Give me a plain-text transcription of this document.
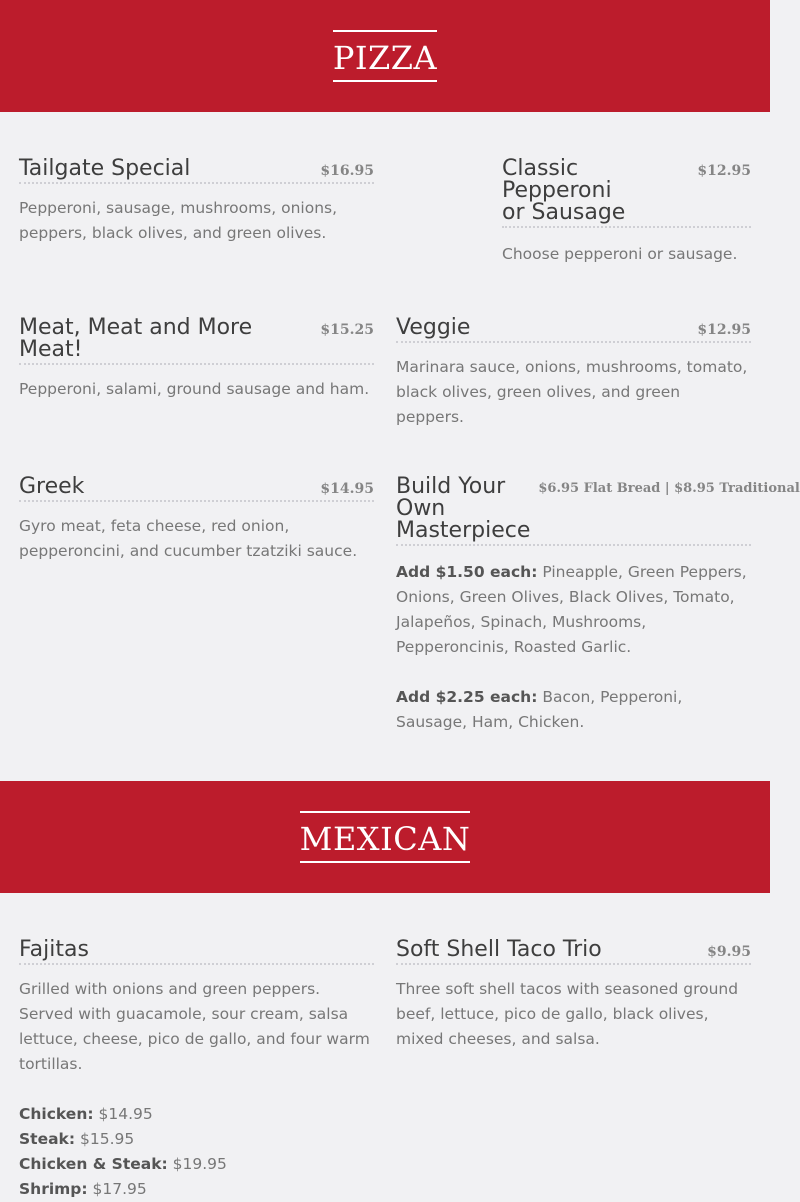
PIZZA
Tailgate Special	$16.95
Pepperoni, sausage, mushrooms, onions, peppers, black olives, and green olives.
Classic Pepperoni
or Sausage
$12.95
Choose pepperoni or sausage.
Meat, Meat and More Meat!
$15.25
Pepperoni, salami, ground sausage and ham.
Veggie	$12.95
Marinara sauce, onions, mushrooms, tomato, black olives, green olives, and green peppers.
Greek	$14.95
Gyro meat, feta cheese, red onion, pepperoncini, and cucumber tzatziki sauce.
Build Your
Own Masterpiece
$6.95 Flat Bread | $8.95 Traditional
Add $1.50 each: Pineapple, Green Peppers, Onions, Green Olives, Black Olives, Tomato, Jalapeños, Spinach, Mushrooms, Pepperoncinis, Roasted Garlic.
Add $2.25 each: Bacon, Pepperoni, Sausage, Ham, Chicken.
MEXICAN
Fajitas
Grilled with onions and green peppers. Served with guacamole, sour cream, salsa lettuce, cheese, pico de gallo, and four warm tortillas.
Chicken: $14.95
Steak: $15.95
Chicken & Steak: $19.95
Shrimp: $17.95
Soft Shell Taco Trio	$9.95
Three soft shell tacos with seasoned ground beef, lettuce, pico de gallo, black olives, mixed cheeses, and salsa.
